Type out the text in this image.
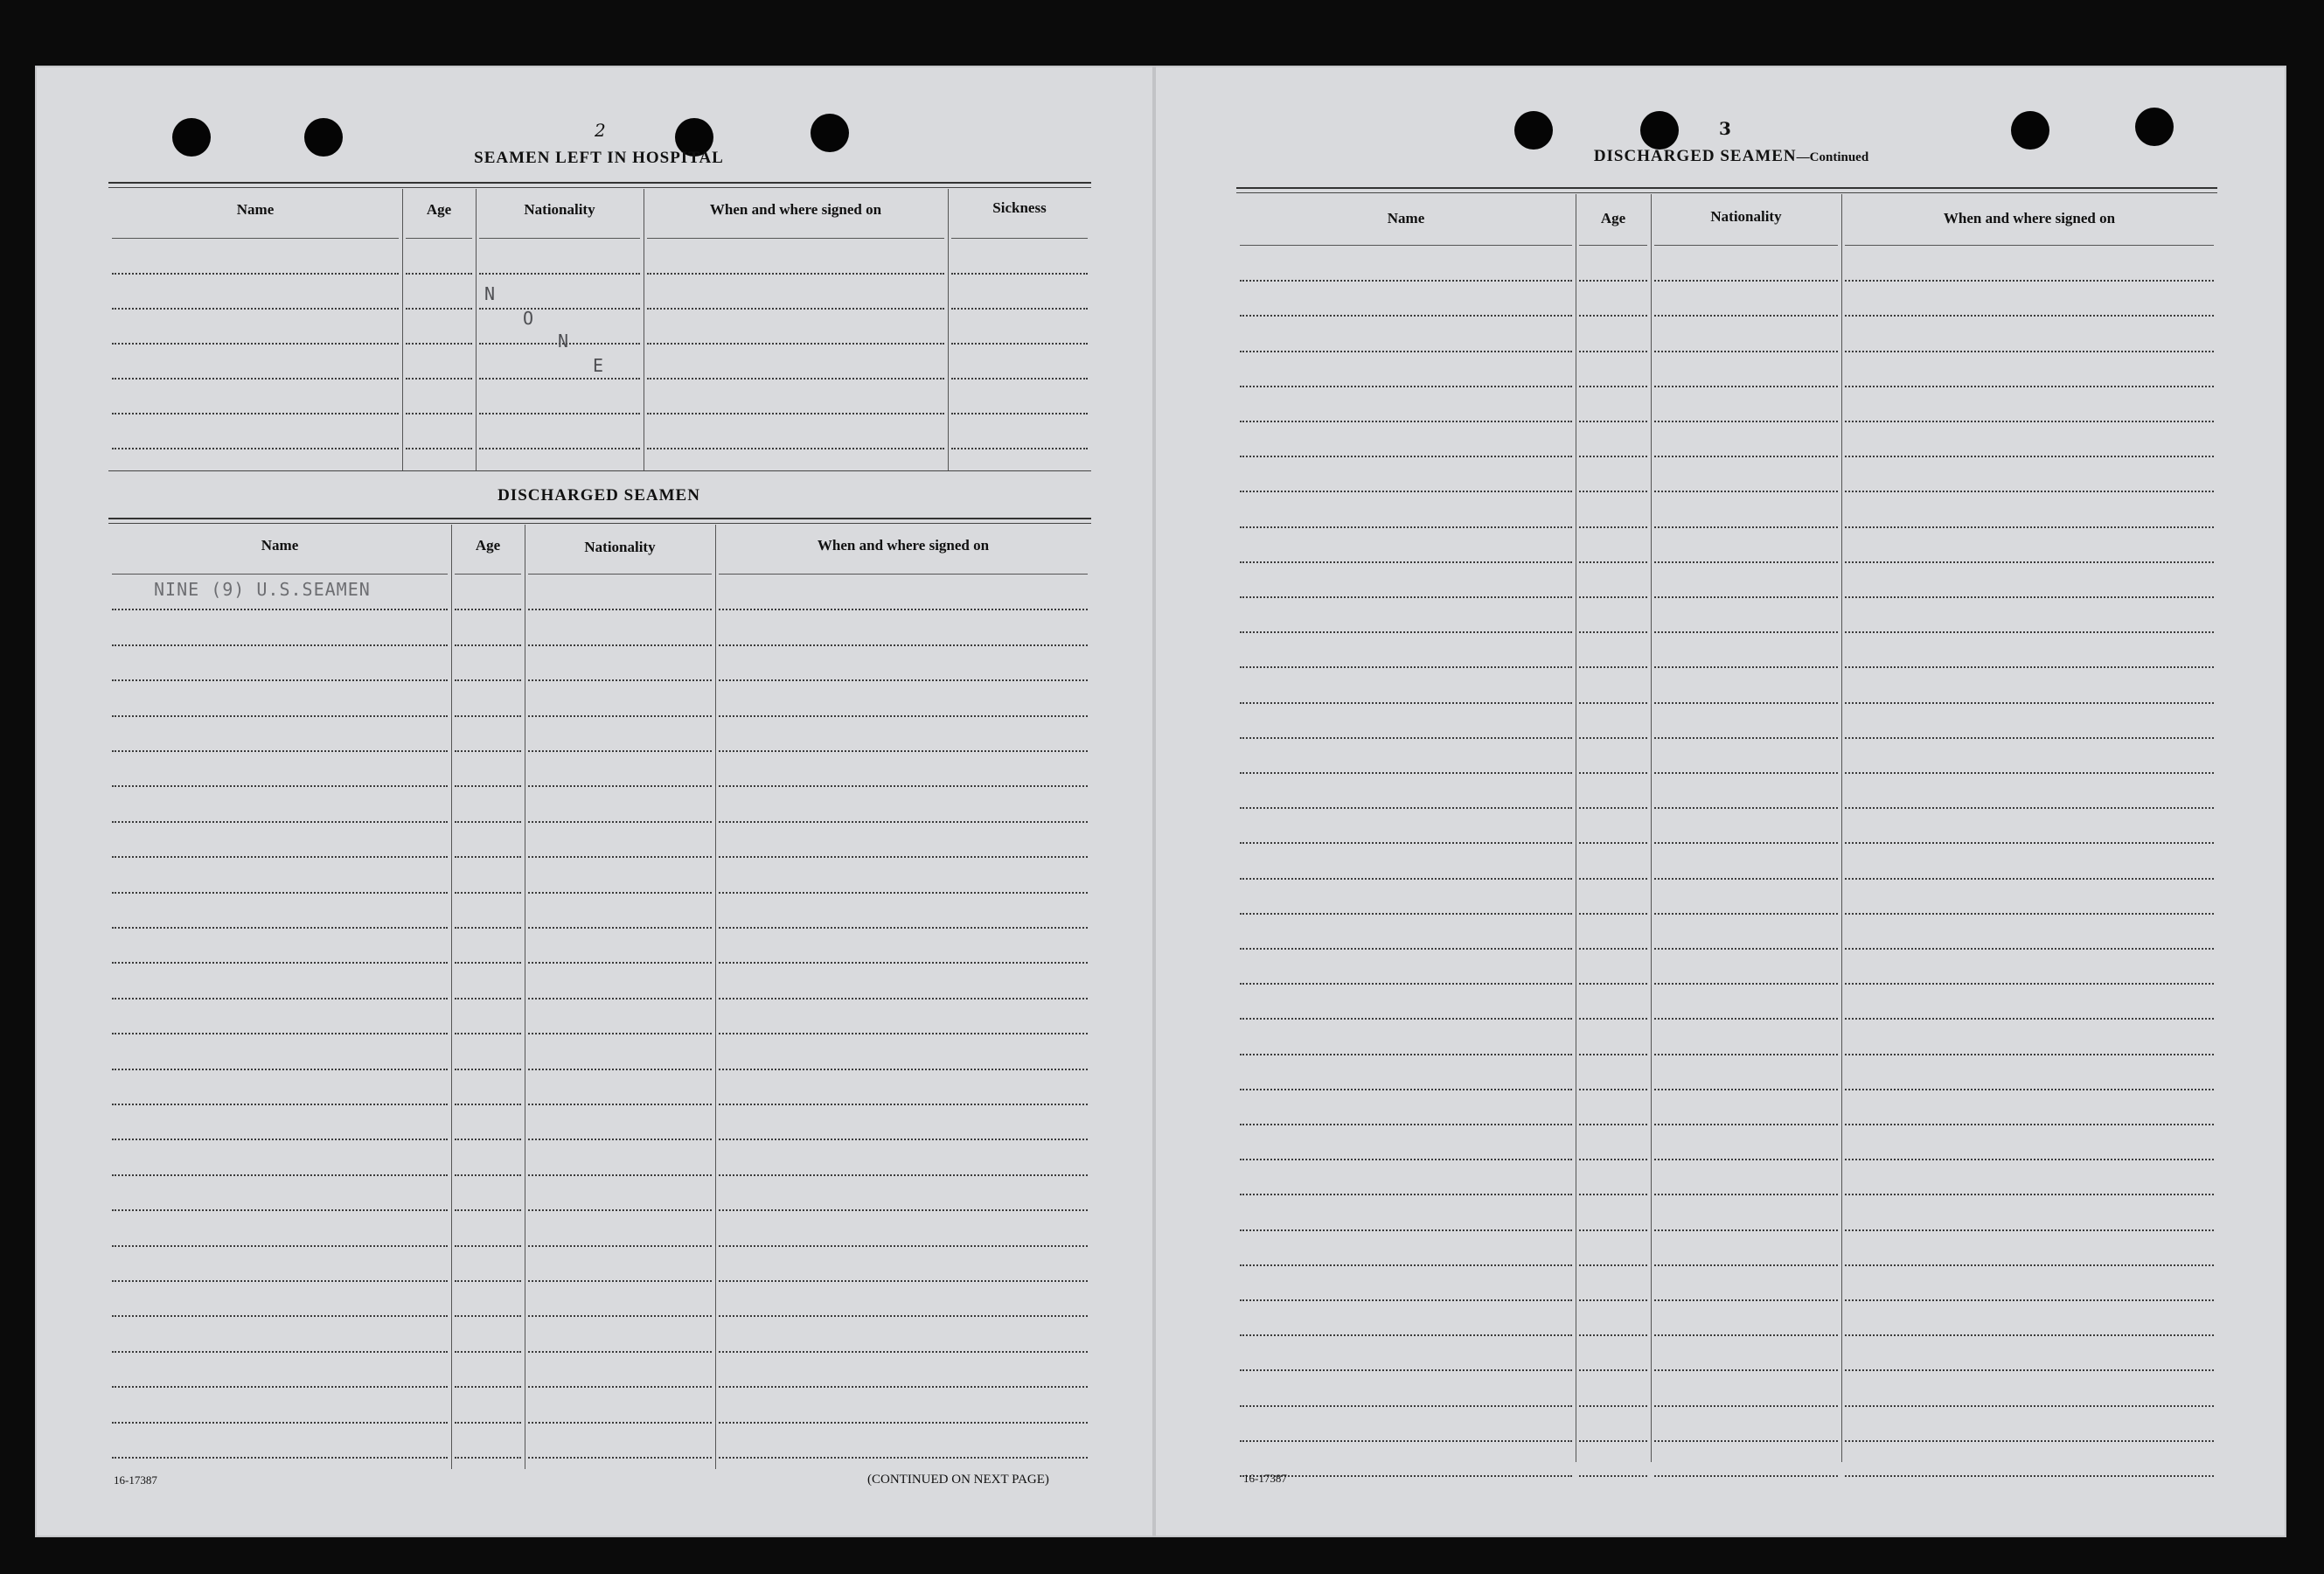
2
SEAMEN LEFT IN HOSPITAL
Name	Age	Nationality	When and where signed on	Sickness
N
O
N
E
DISCHARGED SEAMEN
Name	Age	Nationality	When and where signed on
NINE (9) U.S.SEAMEN
16-17387	(CONTINUED ON NEXT PAGE)
3
DISCHARGED SEAMEN—Continued
Name	Age	Nationality	When and where signed on
16-17387
